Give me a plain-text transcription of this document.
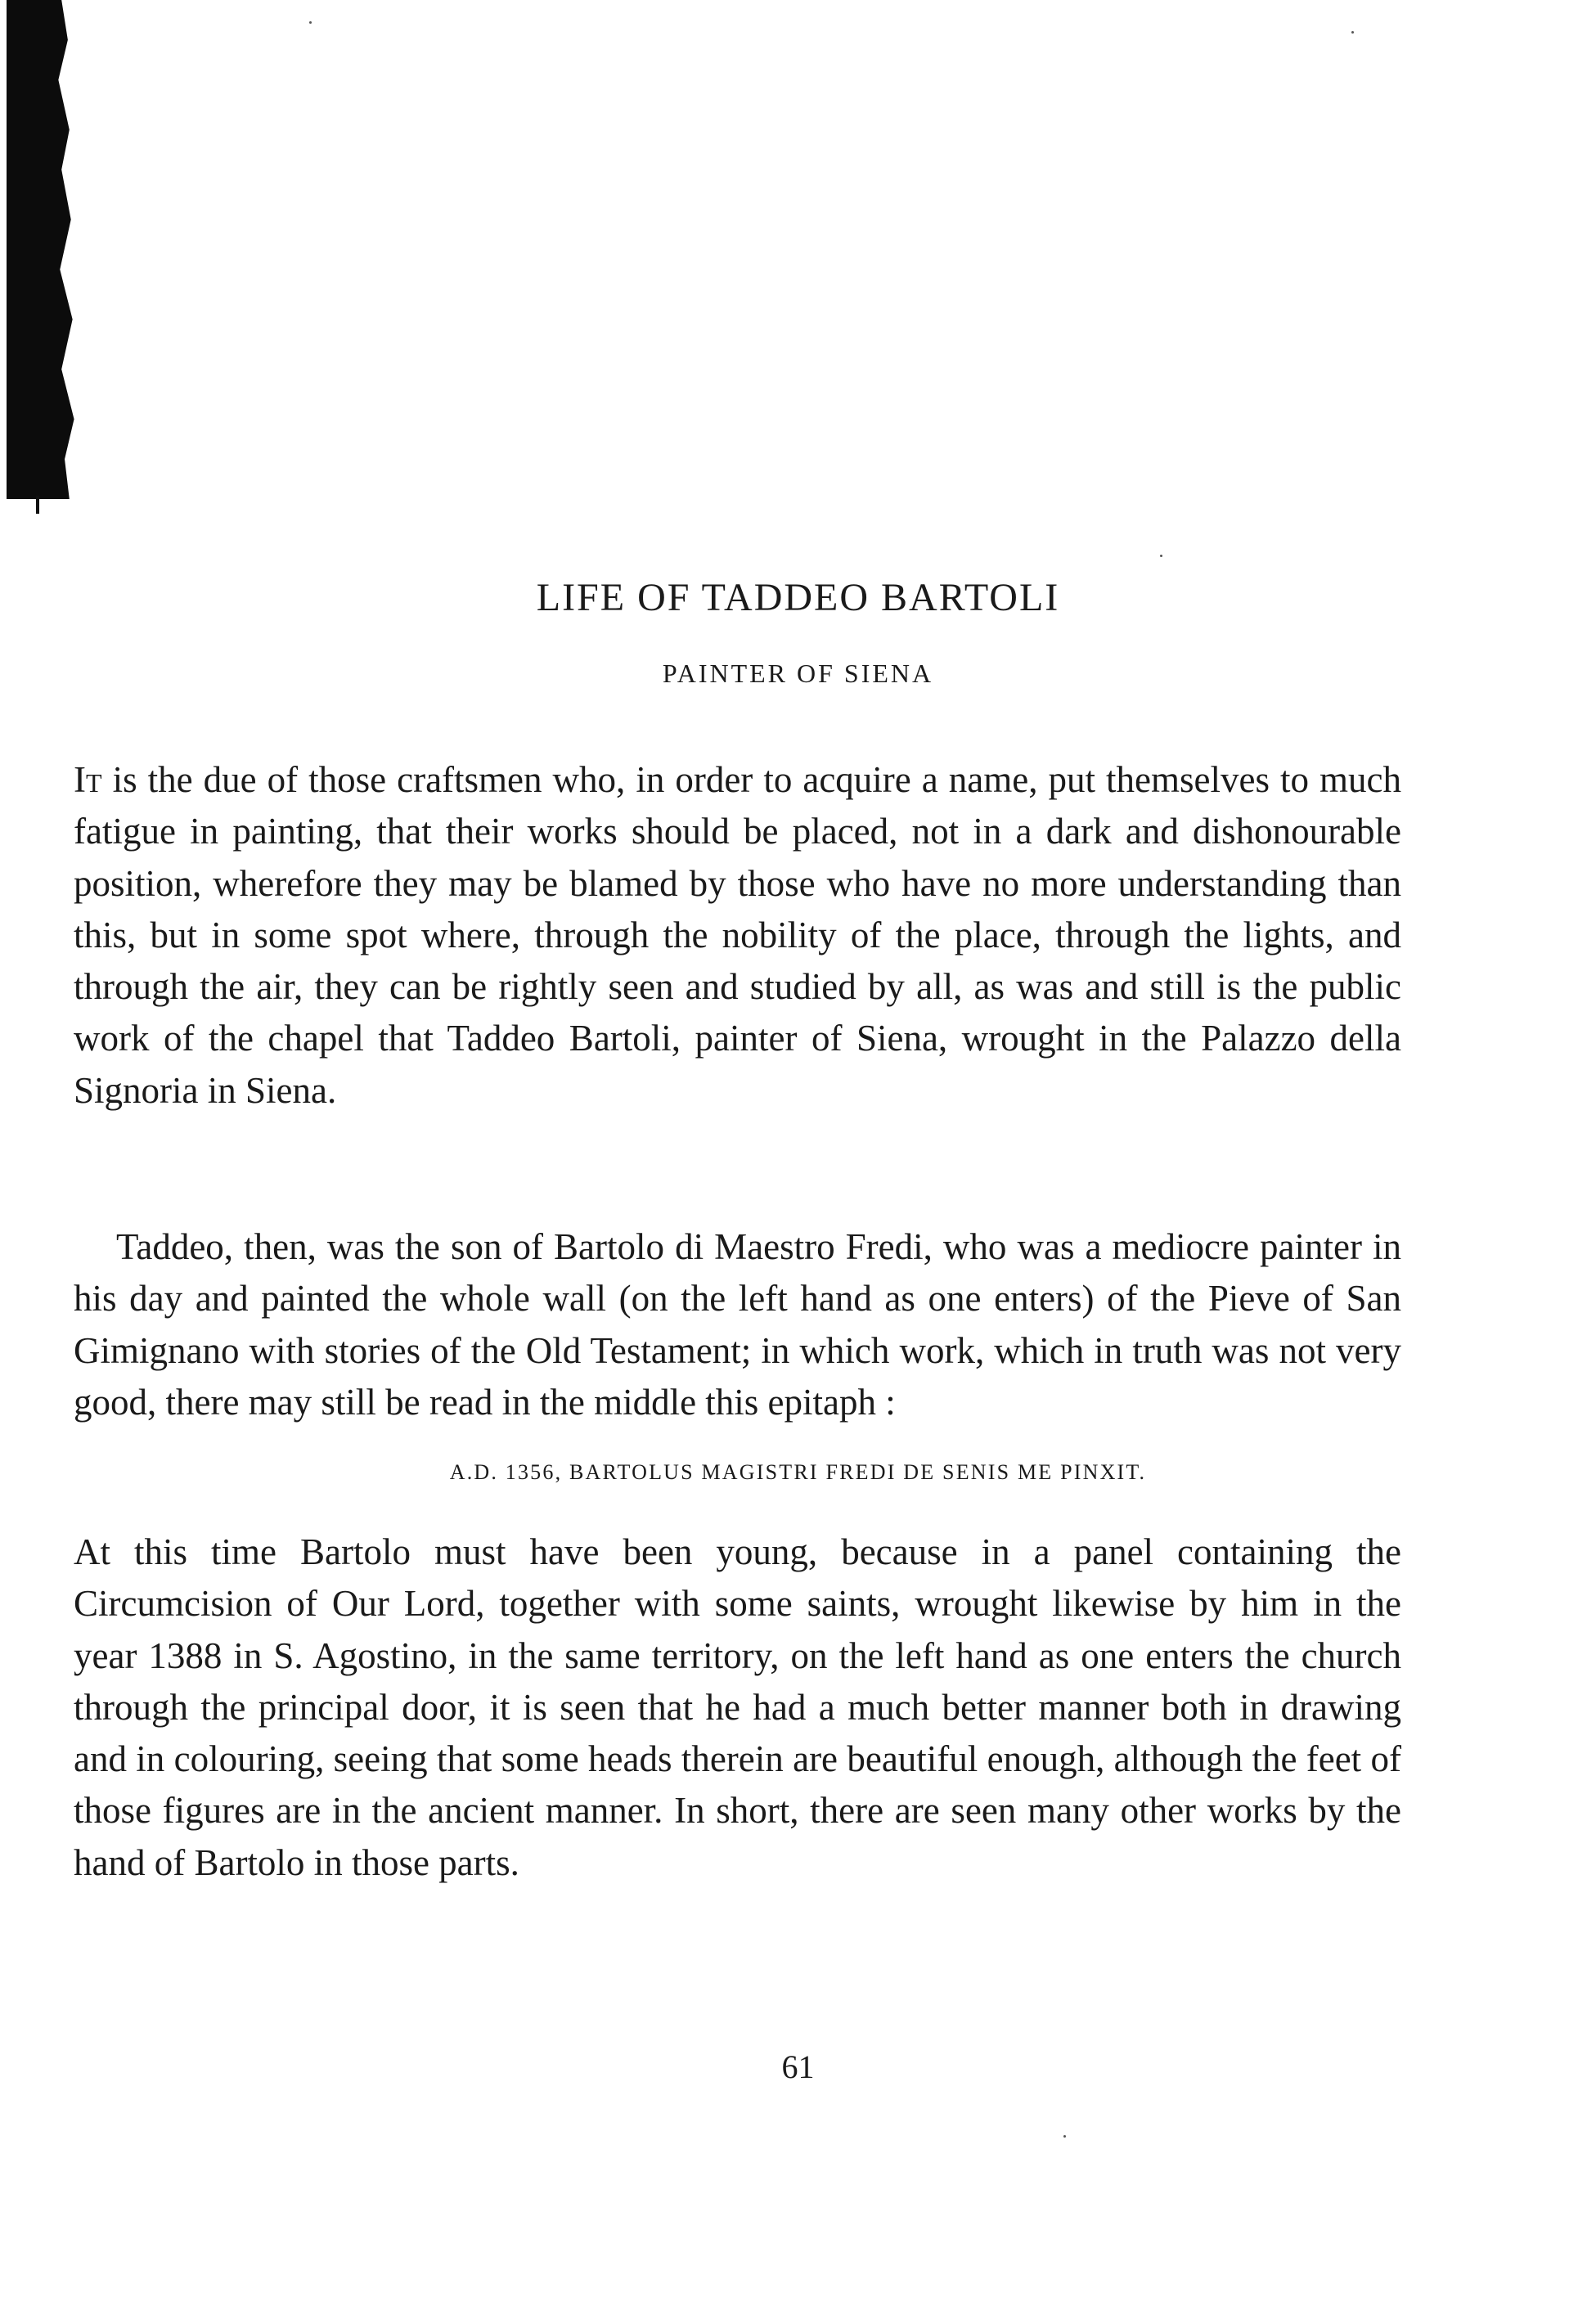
LIFE OF TADDEO BARTOLI
PAINTER OF SIENA

It is the due of those craftsmen who, in order to acquire a name, put themselves to much fatigue in painting, that their works should be placed, not in a dark and dishonourable position, wherefore they may be blamed by those who have no more understanding than this, but in some spot where, through the nobility of the place, through the lights, and through the air, they can be rightly seen and studied by all, as was and still is the public work of the chapel that Taddeo Bartoli, painter of Siena, wrought in the Palazzo della Signoria in Siena.

Taddeo, then, was the son of Bartolo di Maestro Fredi, who was a mediocre painter in his day and painted the whole wall (on the left hand as one enters) of the Pieve of San Gimignano with stories of the Old Testament; in which work, which in truth was not very good, there may still be read in the middle this epitaph :

A.D. 1356, BARTOLUS MAGISTRI FREDI DE SENIS ME PINXIT.

At this time Bartolo must have been young, because in a panel containing the Circumcision of Our Lord, together with some saints, wrought likewise by him in the year 1388 in S. Agostino, in the same territory, on the left hand as one enters the church through the principal door, it is seen that he had a much better manner both in drawing and in colouring, seeing that some heads therein are beautiful enough, although the feet of those figures are in the ancient manner. In short, there are seen many other works by the hand of Bartolo in those parts.

61
